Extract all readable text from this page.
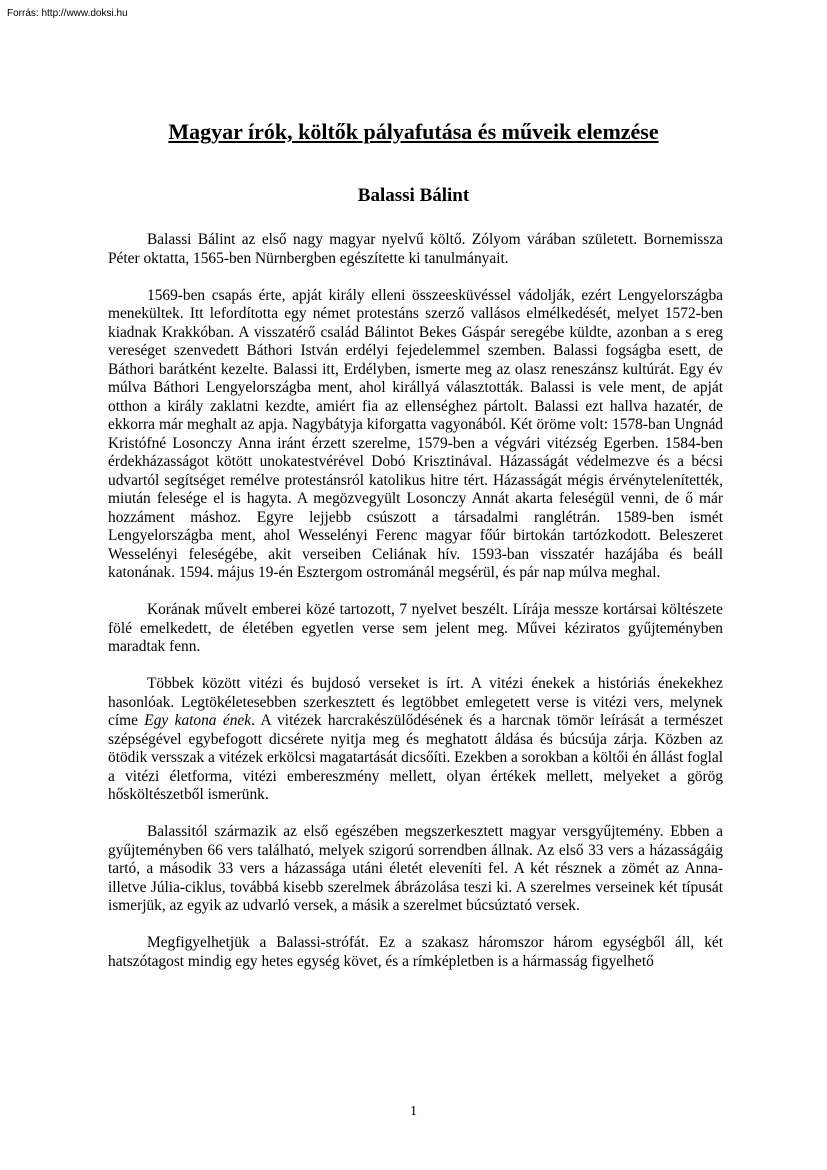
Forrás: http://www.doksi.hu
Magyar írók, költők pályafutása és műveik elemzése
Balassi Bálint

Balassi Bálint az első nagy magyar nyelvű költő. Zólyom várában született. Bornemissza Péter oktatta, 1565-ben Nürnbergben egészítette ki tanulmányait.

1569-ben csapás érte, apját király elleni összeesküvéssel vádolják, ezért Lengyelországba menekültek. Itt lefordította egy német protestáns szerző vallásos elmélkedését, melyet 1572-ben kiadnak Krakkóban. A visszatérő család Bálintot Bekes Gáspár seregébe küldte, azonban a s ereg vereséget szenvedett Báthori István erdélyi fejedelemmel szemben. Balassi fogságba esett, de Báthori barátként kezelte. Balassi itt, Erdélyben, ismerte meg az olasz reneszánsz kultúrát. Egy év múlva Báthori Lengyelországba ment, ahol királlyá választották. Balassi is vele ment, de apját otthon a király zaklatni kezdte, amiért fia az ellenséghez pártolt. Balassi ezt hallva hazatér, de ekkorra már meghalt az apja. Nagybátyja kiforgatta vagyonából. Két öröme volt: 1578-ban Ungnád Kristófné Losonczy Anna iránt érzett szerelme, 1579-ben a végvári vitézség Egerben. 1584-ben érdekházasságot kötött unokatestvérével Dobó Krisztinával. Házasságát védelmezve és a bécsi udvartól segítséget remélve protestánsról katolikus hitre tért. Házasságát mégis érvénytelenítették, miután felesége el is hagyta. A megözvegyült Losonczy Annát akarta feleségül venni, de ő már hozzáment máshoz. Egyre lejjebb csúszott a társadalmi ranglétrán. 1589-ben ismét Lengyelországba ment, ahol Wesselényi Ferenc magyar főúr birtokán tartózkodott. Beleszeret Wesselényi feleségébe, akit verseiben Celiának hív. 1593-ban visszatér hazájába és beáll katonának. 1594. május 19-én Esztergom ostrománál megsérül, és pár nap múlva meghal.

Korának művelt emberei közé tartozott, 7 nyelvet beszélt. Lírája messze kortársai költészete fölé emelkedett, de életében egyetlen verse sem jelent meg. Művei kéziratos gyűjteményben maradtak fenn.

Többek között vitézi és bujdosó verseket is írt. A vitézi énekek a históriás énekekhez hasonlóak. Legtökéletesebben szerkesztett és legtöbbet emlegetett verse is vitézi vers, melynek címe Egy katona ének. A vitézek harcrakészülődésének és a harcnak tömör leírását a természet szépségével egybefogott dicsérete nyitja meg és meghatott áldása és búcsúja zárja. Közben az ötödik versszak a vitézek erkölcsi magatartását dicsőíti. Ezekben a sorokban a költői én állást foglal a vitézi életforma, vitézi embereszmény mellett, olyan értékek mellett, melyeket a görög hősköltészetből ismerünk.

Balassitól származik az első egészében megszerkesztett magyar versgyűjtemény. Ebben a gyűjteményben 66 vers található, melyek szigorú sorrendben állnak. Az első 33 vers a házasságáig tartó, a második 33 vers a házassága utáni életét eleveníti fel. A két résznek a zömét az Anna- illetve Júlia-ciklus, továbbá kisebb szerelmek ábrázolása teszi ki. A szerelmes verseinek két típusát ismerjük, az egyik az udvarló versek, a másik a szerelmet búcsúztató versek.

Megfigyelhetjük a Balassi-strófát. Ez a szakasz háromszor három egységből áll, két hatszótagost mindig egy hetes egység követ, és a rímképletben is a hármasság figyelhető

1
